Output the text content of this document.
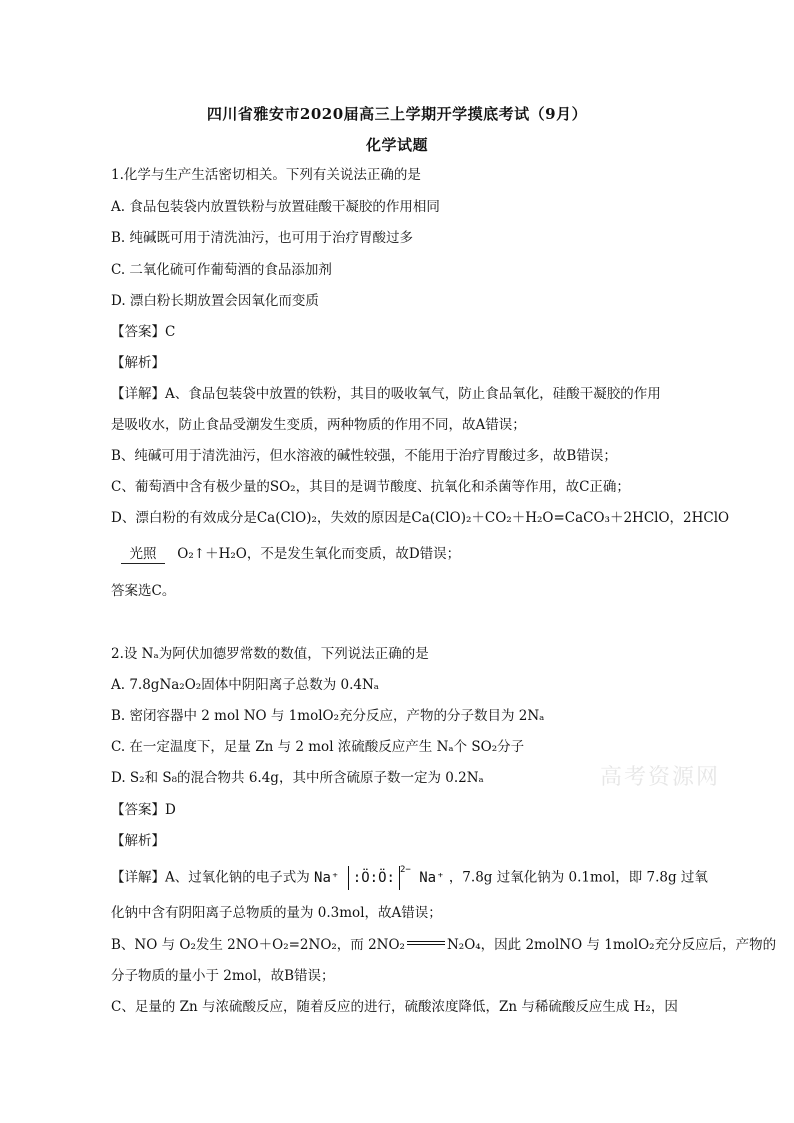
四川省雅安市2020届高三上学期开学摸底考试（9月）
化学试题
1.化学与生产生活密切相关。下列有关说法正确的是
A. 食品包装袋内放置铁粉与放置硅酸干凝胶的作用相同
B. 纯碱既可用于清洗油污，也可用于治疗胃酸过多
C. 二氧化硫可作葡萄酒的食品添加剂
D. 漂白粉长期放置会因氧化而变质
【答案】C
【解析】
【详解】A、食品包装袋中放置的铁粉，其目的吸收氧气，防止食品氧化，硅酸干凝胶的作用
是吸收水，防止食品受潮发生变质，两种物质的作用不同，故A错误；
B、纯碱可用于清洗油污，但水溶液的碱性较强，不能用于治疗胃酸过多，故B错误；
C、葡萄酒中含有极少量的SO₂，其目的是调节酸度、抗氧化和杀菌等作用，故C正确；
D、漂白粉的有效成分是Ca(ClO)₂，失效的原因是Ca(ClO)₂＋CO₂＋H₂O=CaCO₃＋2HClO，2HClO
光照 O₂↑＋H₂O，不是发生氧化而变质，故D错误；
答案选C。
2.设 Nₐ为阿伏加德罗常数的数值，下列说法正确的是
A. 7.8gNa₂O₂固体中阴阳离子总数为 0.4Nₐ
B. 密闭容器中 2 mol NO 与 1molO₂充分反应，产物的分子数目为 2Nₐ
C. 在一定温度下，足量 Zn 与 2 mol 浓硫酸反应产生 Nₐ个 SO₂分子
D. S₂和 S₈的混合物共 6.4g，其中所含硫原子数一定为 0.2Nₐ
【答案】D
【解析】
【详解】A、过氧化钠的电子式为 Na⁺ :Ö:Ö: $^{2-}$ Na⁺ ，7.8g 过氧化钠为 0.1mol，即 7.8g 过氧
化钠中含有阴阳离子总物质的量为 0.3mol，故A错误；
B、NO 与 O₂发生 2NO＋O₂=2NO₂，而 2NO₂	N₂O₄，因此 2molNO 与 1molO₂充分反应后，产物的
分子物质的量小于 2mol，故B错误；
C、足量的 Zn 与浓硫酸反应，随着反应的进行，硫酸浓度降低，Zn 与稀硫酸反应生成 H₂，因
高考资源网
